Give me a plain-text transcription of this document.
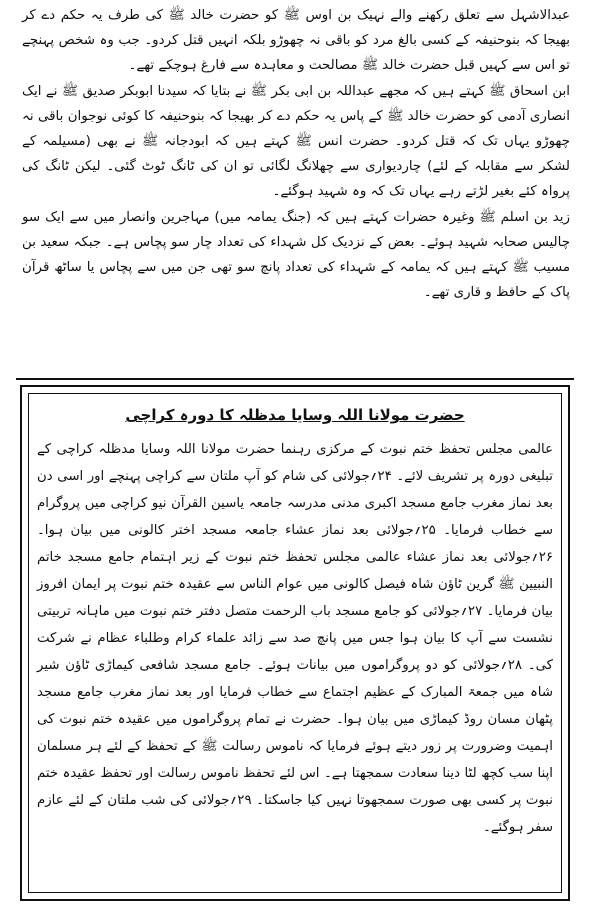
عبدالاشہل سے تعلق رکھنے والے نہیک بن اوس ﷺ کو حضرت خالد ﷺ کی طرف یہ حکم دے کر بھیجا کہ بنوحنیفہ کے کسی بالغ مرد کو باقی نہ چھوڑو بلکہ انہیں قتل کردو۔ جب وہ شخص پہنچے تو اس سے کہیں قبل حضرت خالد ﷺ مصالحت و معاہدہ سے فارغ ہوچکے تھے۔

ابن اسحاق ﷺ کہتے ہیں کہ مجھے عبداللہ بن ابی بکر ﷺ نے بتایا کہ سیدنا ابوبکر صدیق ﷺ نے ایک انصاری آدمی کو حضرت خالد ﷺ کے پاس یہ حکم دے کر بھیجا کہ بنوحنیفہ کا کوئی نوجوان باقی نہ چھوڑو یہاں تک کہ قتل کردو۔ حضرت انس ﷺ کہتے ہیں کہ ابودجانہ ﷺ نے بھی (مسیلمہ کے لشکر سے مقابلہ کے لئے) چاردیواری سے چھلانگ لگائی تو ان کی ٹانگ ٹوٹ گئی۔ لیکن ٹانگ کی پرواہ کئے بغیر لڑتے رہے یہاں تک کہ وہ شہید ہوگئے۔

زید بن اسلم ﷺ وغیرہ حضرات کہتے ہیں کہ (جنگ یمامہ میں) مہاجرین وانصار میں سے ایک سو چالیس صحابہ شہید ہوئے۔ بعض کے نزدیک کل شہداء کی تعداد چار سو پچاس ہے۔ جبکہ سعید بن مسیب ﷺ کہتے ہیں کہ یمامہ کے شہداء کی تعداد پانچ سو تھی جن میں سے پچاس یا ساٹھ قرآن پاک کے حافظ و قاری تھے۔

حضرت مولانا اللہ وسایا مدظلہ کا دورہ کراچی

عالمی مجلس تحفظ ختم نبوت کے مرکزی رہنما حضرت مولانا اللہ وسایا مدظلہ کراچی کے تبلیغی دورہ پر تشریف لائے۔ ۲۴؍جولائی کی شام کو آپ ملتان سے کراچی پہنچے اور اسی دن بعد نماز مغرب جامع مسجد اکبری مدنی مدرسہ جامعہ یاسین القرآن نیو کراچی میں پروگرام سے خطاب فرمایا۔ ۲۵؍جولائی بعد نماز عشاء جامعہ مسجد اختر کالونی میں بیان ہوا۔ ۲۶؍جولائی بعد نماز عشاء عالمی مجلس تحفظ ختم نبوت کے زیر اہتمام جامع مسجد خاتم النبیین ﷺ گرین ٹاؤن شاہ فیصل کالونی میں عوام الناس سے عقیدہ ختم نبوت پر ایمان افروز بیان فرمایا۔ ۲۷؍جولائی کو جامع مسجد باب الرحمت متصل دفتر ختم نبوت میں ماہانہ تربیتی نشست سے آپ کا بیان ہوا جس میں پانچ صد سے زائد علماء کرام وطلباء عظام نے شرکت کی۔ ۲۸؍جولائی کو دو پروگراموں میں بیانات ہوئے۔ جامع مسجد شافعی کیماڑی ٹاؤن شیر شاہ میں جمعۃ المبارک کے عظیم اجتماع سے خطاب فرمایا اور بعد نماز مغرب جامع مسجد پٹھان مسان روڈ کیماڑی میں بیان ہوا۔ حضرت نے تمام پروگراموں میں عقیدہ ختم نبوت کی اہمیت وضرورت پر زور دیتے ہوئے فرمایا کہ ناموس رسالت ﷺ کے تحفظ کے لئے ہر مسلمان اپنا سب کچھ لٹا دینا سعادت سمجھتا ہے۔ اس لئے تحفظ ناموس رسالت اور تحفظ عقیدہ ختم نبوت پر کسی بھی صورت سمجھوتا نہیں کیا جاسکتا۔ ۲۹؍جولائی کی شب ملتان کے لئے عازم سفر ہوگئے۔
